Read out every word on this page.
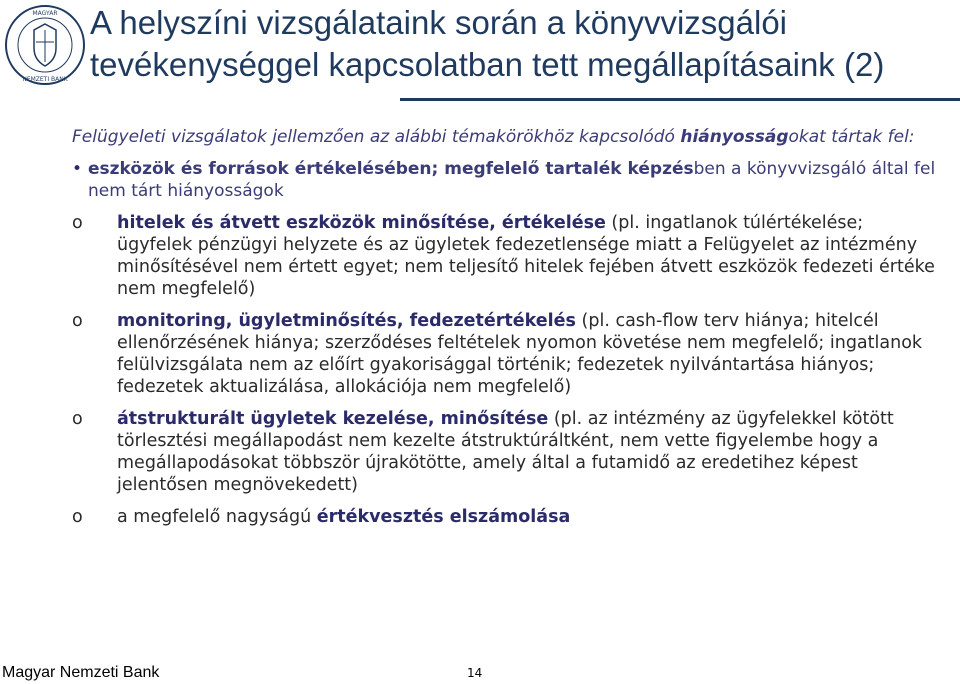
MAGYAR
NEMZETI BANK
A helyszíni vizsgálataink során a könyvvizsgálói tevékenységgel kapcsolatban tett megállapításaink (2)

Felügyeleti vizsgálatok jellemzően az alábbi témakörökhöz kapcsolódó hiányosságokat tártak fel:

• eszközök és források értékelésében; megfelelő tartalék képzésben a könyvvizsgáló által fel nem tárt hiányosságok
o hitelek és átvett eszközök minősítése, értékelése (pl. ingatlanok túlértékelése; ügyfelek pénzügyi helyzete és az ügyletek fedezetlensége miatt a Felügyelet az intézmény minősítésével nem értett egyet; nem teljesítő hitelek fejében átvett eszközök fedezeti értéke nem megfelelő)
o monitoring, ügyletminősítés, fedezetértékelés (pl. cash-flow terv hiánya; hitelcél ellenőrzésének hiánya; szerződéses feltételek nyomon követése nem megfelelő; ingatlanok felülvizsgálata nem az előírt gyakorisággal történik; fedezetek nyilvántartása hiányos; fedezetek aktualizálása, allokációja nem megfelelő)
o átstrukturált ügyletek kezelése, minősítése (pl. az intézmény az ügyfelekkel kötött törlesztési megállapodást nem kezelte átstruktúráltként, nem vette figyelembe hogy a megállapodásokat többször újrakötötte, amely által a futamidő az eredetihez képest jelentősen megnövekedett)
o a megfelelő nagyságú értékvesztés elszámolása
Magyar Nemzeti Bank	14
